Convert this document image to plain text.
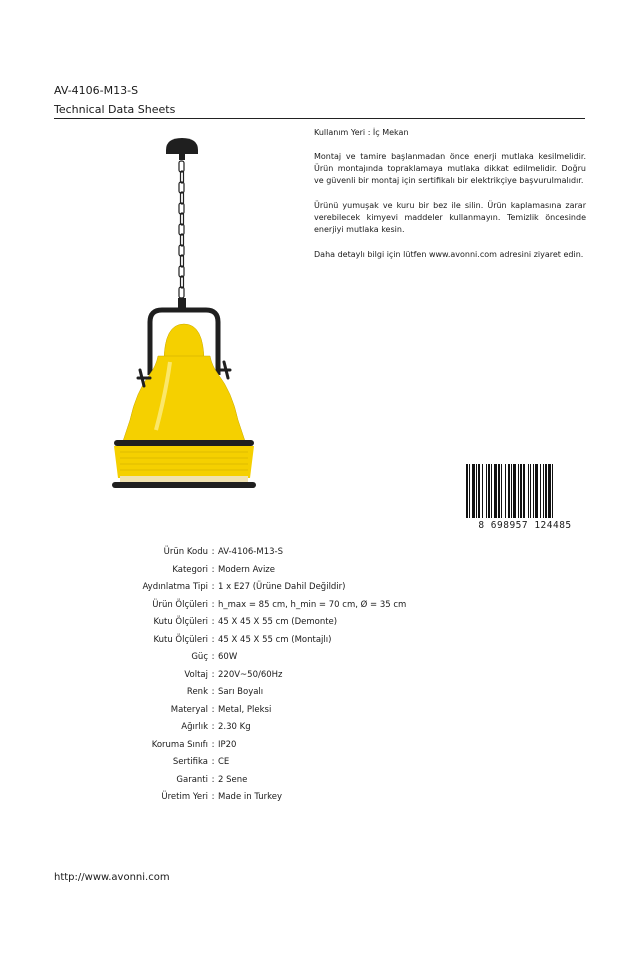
AV-4106-M13-S
Technical Data Sheets

Kullanım Yeri : İç Mekan

Montaj ve tamire başlanmadan önce enerji mutlaka kesilmelidir. Ürün montajında topraklamaya mutlaka dikkat edilmelidir. Doğru ve güvenli bir montaj için sertifikalı bir elektrikçiye başvurulmalıdır.

Ürünü yumuşak ve kuru bir bez ile silin. Ürün kaplamasına zarar verebilecek kimyevi maddeler kullanmayın. Temizlik öncesinde enerjiyi mutlaka kesin.

Daha detaylı bilgi için lütfen www.avonni.com adresini ziyaret edin.

8 698957 124485
Ürün Kodu : AV-4106-M13-S
Kategori : Modern Avize
Aydınlatma Tipi : 1 x E27 (Ürüne Dahil Değildir)
Ürün Ölçüleri : h_max = 85 cm, h_min = 70 cm, Ø = 35 cm
Kutu Ölçüleri : 45 X 45 X 55 cm (Demonte)
Kutu Ölçüleri : 45 X 45 X 55 cm (Montajlı)
Güç : 60W
Voltaj : 220V~50/60Hz
Renk : Sarı Boyalı
Materyal : Metal, Pleksi
Ağırlık : 2.30 Kg
Koruma Sınıfı : IP20
Sertifika : CE
Garanti : 2 Sene
Üretim Yeri : Made in Turkey
http://www.avonni.com
